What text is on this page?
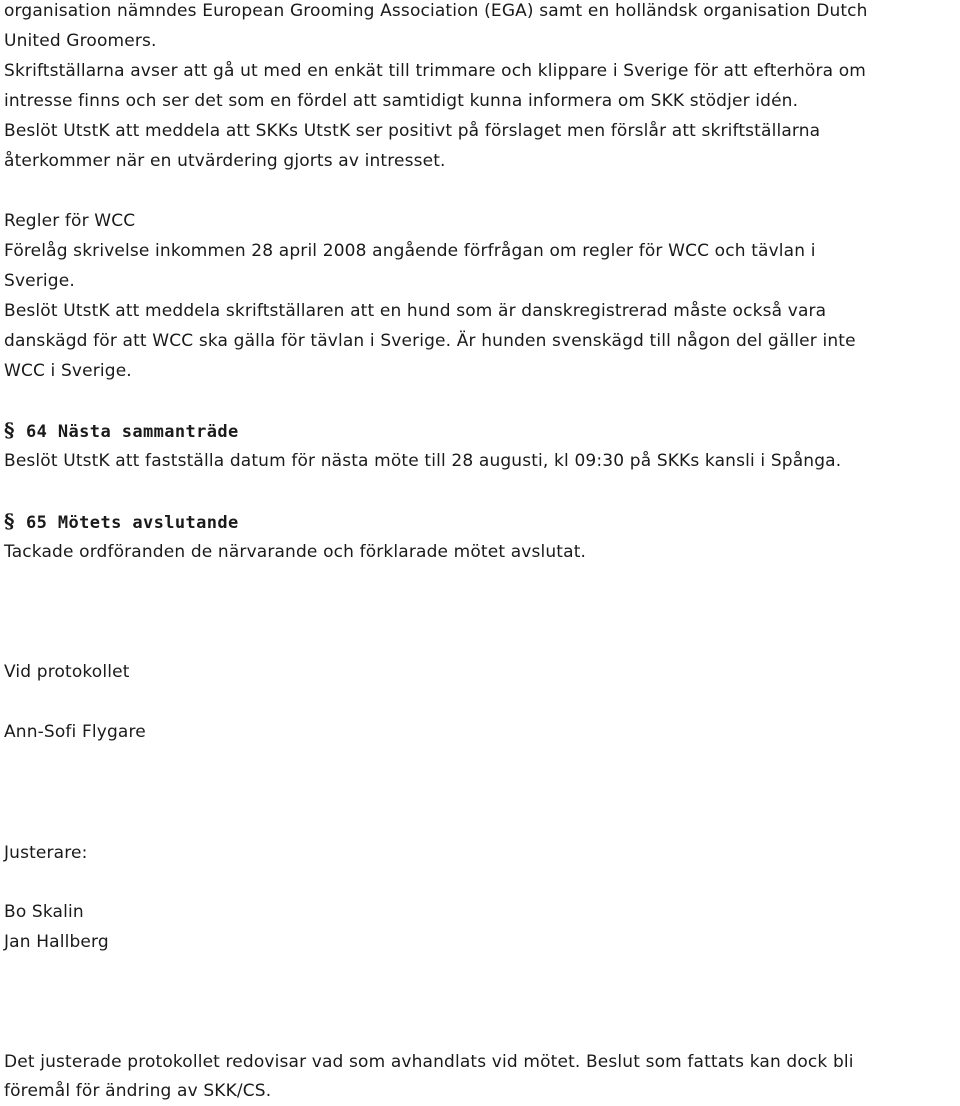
organisation nämndes European Grooming Association (EGA) samt en holländsk organisation Dutch
United Groomers.
Skriftställarna avser att gå ut med en enkät till trimmare och klippare i Sverige för att efterhöra om
intresse finns och ser det som en fördel att samtidigt kunna informera om SKK stödjer idén.
Beslöt UtstK att meddela att SKKs UtstK ser positivt på förslaget men förslår att skriftställarna
återkommer när en utvärdering gjorts av intresset.
Regler för WCC
Förelåg skrivelse inkommen 28 april 2008 angående förfrågan om regler för WCC och tävlan i
Sverige.
Beslöt UtstK att meddela skriftställaren att en hund som är danskregistrerad måste också vara
danskägd för att WCC ska gälla för tävlan i Sverige. Är hunden svenskägd till någon del gäller inte
WCC i Sverige.
§ 64 Nästa sammanträde
Beslöt UtstK att fastställa datum för nästa möte till 28 augusti, kl 09:30 på SKKs kansli i Spånga.
§ 65 Mötets avslutande
Tackade ordföranden de närvarande och förklarade mötet avslutat.
Vid protokollet
Ann-Sofi Flygare
Justerare:
Bo Skalin
Jan Hallberg
Det justerade protokollet redovisar vad som avhandlats vid mötet. Beslut som fattats kan dock bli
föremål för ändring av SKK/CS.
